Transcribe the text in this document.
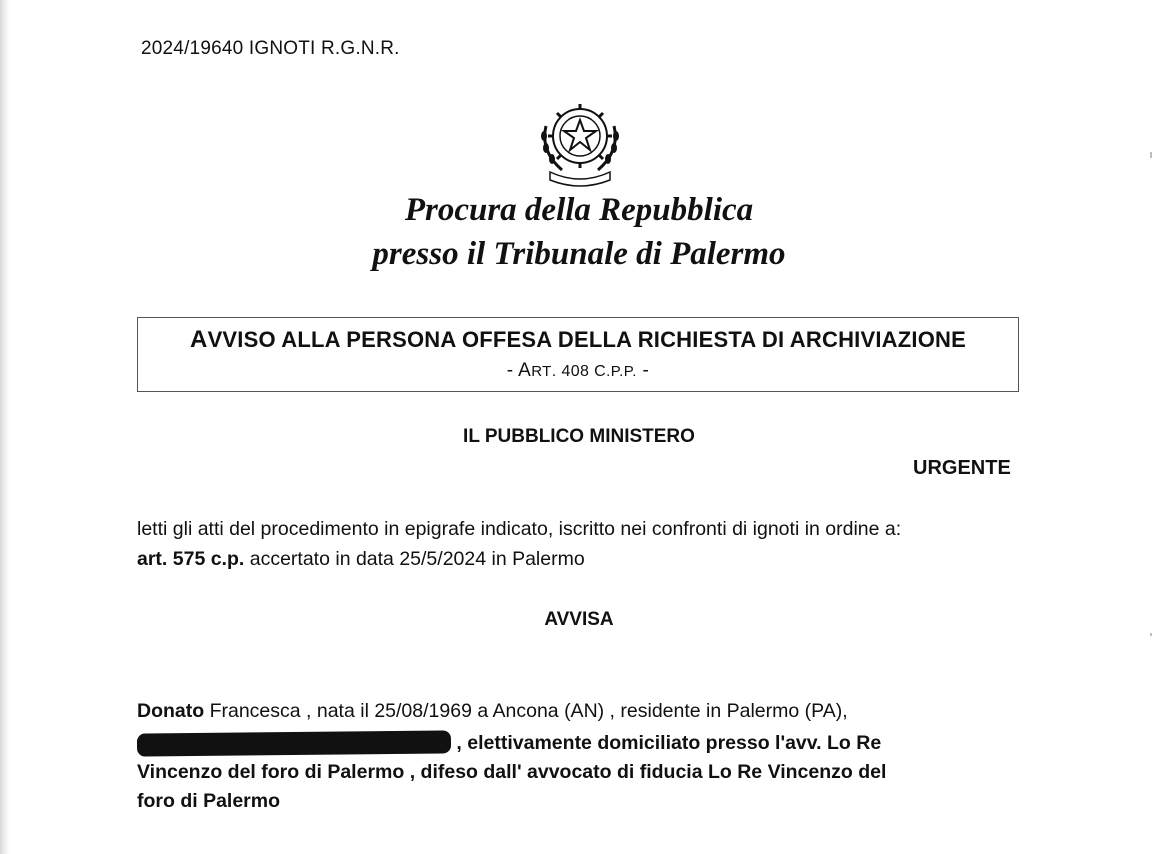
2024/19640 IGNOTI R.G.N.R.
Procura della Repubblica
presso il Tribunale di Palermo
AVVISO ALLA PERSONA OFFESA DELLA RICHIESTA DI ARCHIVIAZIONE
- ART. 408 C.P.P. -
IL PUBBLICO MINISTERO
URGENTE
letti gli atti del procedimento in epigrafe indicato, iscritto nei confronti di ignoti in ordine a:
art. 575 c.p. accertato in data 25/5/2024 in Palermo
AVVISA
Donato Francesca , nata il 25/08/1969 a Ancona (AN) , residente in Palermo (PA),
, elettivamente domiciliato presso l'avv. Lo Re
Vincenzo del foro di Palermo , difeso dall' avvocato di fiducia Lo Re Vincenzo del
foro di Palermo
